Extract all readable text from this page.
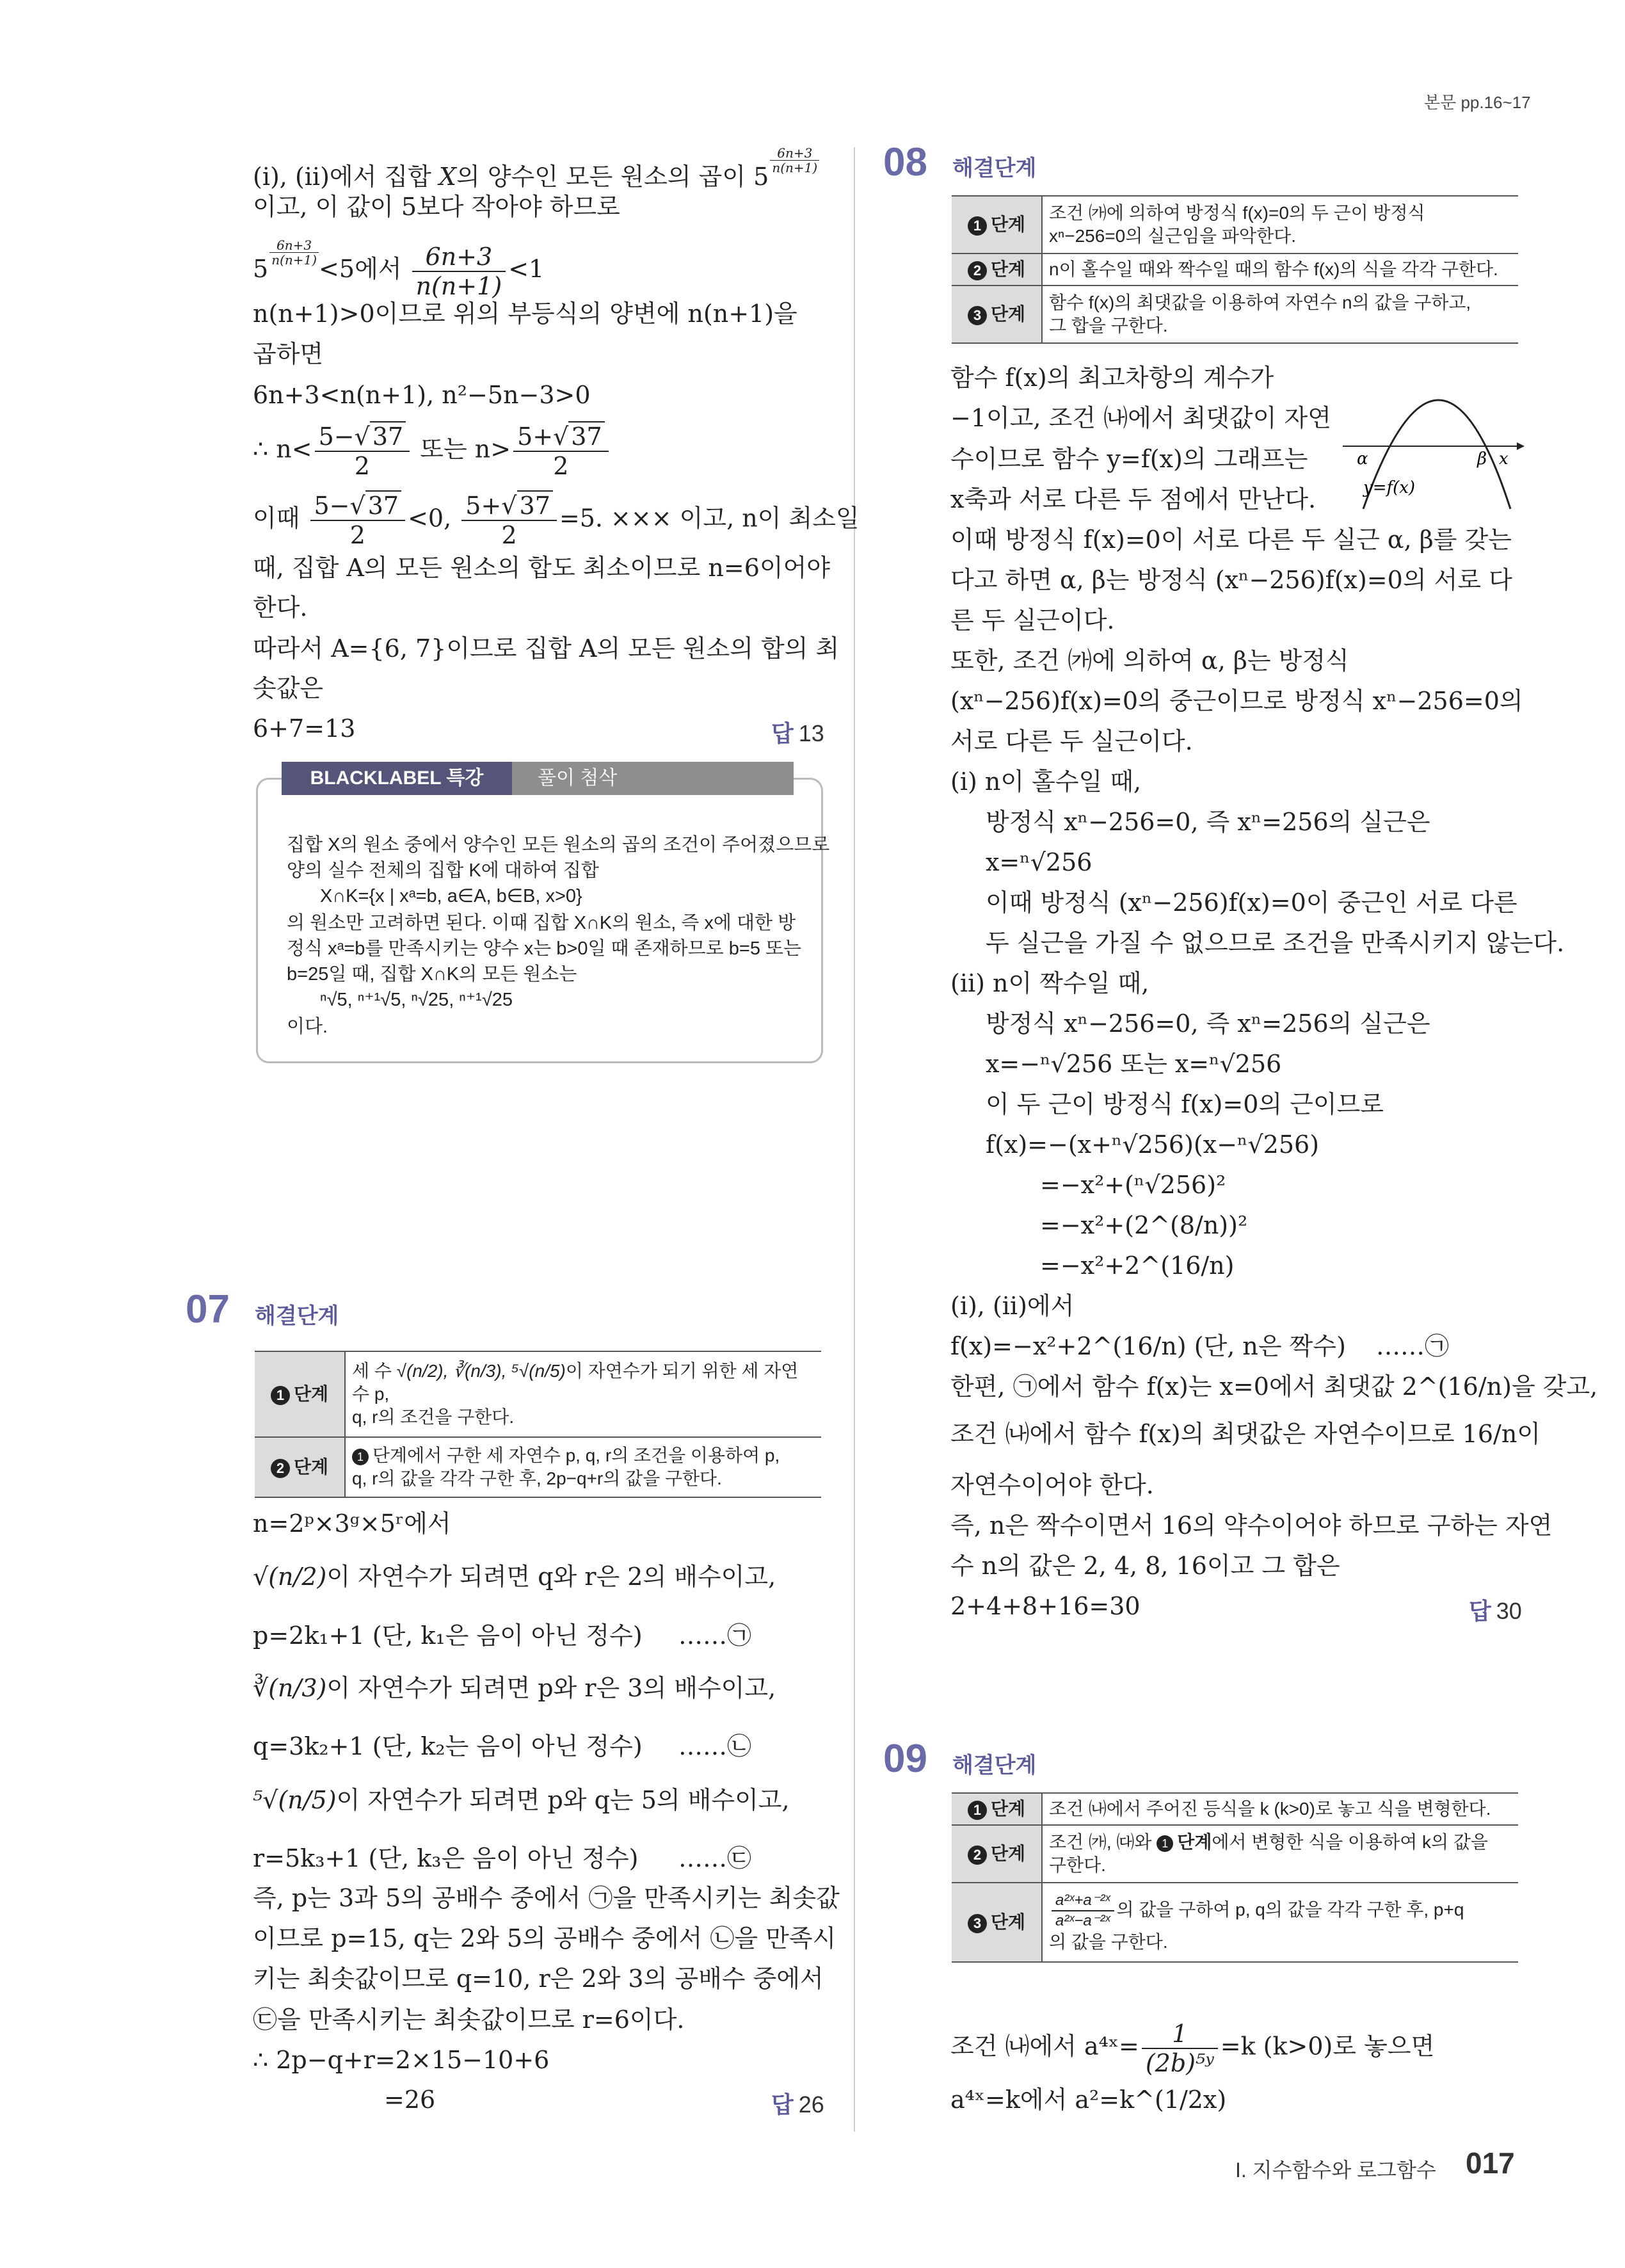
본문 pp.16~17
(ⅰ), (ⅱ)에서 집합 X의 양수인 모든 원소의 곱이 5
$\frac{6n+3}{n(n+1)}$
이고, 이 값이 5보다 작아야 하므로
5
$\frac{6n+3}{n(n+1)}$
<5에서 $\frac{6n+3}{n(n+1)} <1$
n(n+1)>0이므로 위의 부등식의 양변에 n(n+1)을
곱하면
6n+3<n(n+1), n²−5n−3>0
∴ $n< \frac{5-√ 37}{2}$ 또는 $n> \frac{5+√ 37}{2}$
이때 $\frac{5-√ 37}{2} <0$, $\frac{5+√ 37}{2} =5$. ××× 이고, n이 최소일
때, 집합 A의 모든 원소의 합도 최소이므로 n=6이어야
한다.
따라서 A={6, 7}이므로 집합 A의 모든 원소의 합의 최
솟값은
6+7=13	답 13
BLACKLABEL 특강	풀이 첨삭
집합 X의 원소 중에서 양수인 모든 원소의 곱의 조건이 주어졌으므로
양의 실수 전체의 집합 K에 대하여 집합
X∩K={x | xᵃ=b, a∈A, b∈B, x>0}
의 원소만 고려하면 된다. 이때 집합 X∩K의 원소, 즉 x에 대한 방
정식 xᵃ=b를 만족시키는 양수 x는 b>0일 때 존재하므로 b=5 또는
b=25일 때, 집합 X∩K의 모든 원소는
ⁿ√5, ⁿ⁺¹√5, ⁿ√25, ⁿ⁺¹√25
이다.
07 해결단계
1 단계	세 수 √(n/2), ∛(n/3), ⁵√(n/5)이 자연수가 되기 위한 세 자연수 p,
q, r의 조건을 구한다.

2 단계	1 단계에서 구한 세 자연수 p, q, r의 조건을 이용하여 p,
q, r의 값을 각각 구한 후, 2p−q+r의 값을 구한다.
n=2ᵖ×3ᵍ×5ʳ에서
√(n/2)이 자연수가 되려면 q와 r은 2의 배수이고,
p=2k₁+1 (단, k₁은 음이 아닌 정수) ……㉠
∛(n/3)이 자연수가 되려면 p와 r은 3의 배수이고,
q=3k₂+1 (단, k₂는 음이 아닌 정수) ……㉡
⁵√(n/5)이 자연수가 되려면 p와 q는 5의 배수이고,
r=5k₃+1 (단, k₃은 음이 아닌 정수) ……㉢
즉, p는 3과 5의 공배수 중에서 ㉠을 만족시키는 최솟값
이므로 p=15, q는 2와 5의 공배수 중에서 ㉡을 만족시
키는 최솟값이므로 q=10, r은 2와 3의 공배수 중에서
㉢을 만족시키는 최솟값이므로 r=6이다.
∴ 2p−q+r=2×15−10+6
=26	답 26
08 해결단계
1 단계	조건 ㈎에 의하여 방정식 f(x)=0의 두 근이 방정식
xⁿ−256=0의 실근임을 파악한다.

2 단계	n이 홀수일 때와 짝수일 때의 함수 f(x)의 식을 각각 구한다.

3 단계	함수 f(x)의 최댓값을 이용하여 자연수 n의 값을 구하고,
그 합을 구한다.
α	β x
y=f(x)
함수 f(x)의 최고차항의 계수가
−1이고, 조건 ㈏에서 최댓값이 자연
수이므로 함수 y=f(x)의 그래프는
x축과 서로 다른 두 점에서 만난다.
이때 방정식 f(x)=0이 서로 다른 두 실근 α, β를 갖는
다고 하면 α, β는 방정식 (xⁿ−256)f(x)=0의 서로 다
른 두 실근이다.
또한, 조건 ㈎에 의하여 α, β는 방정식
(xⁿ−256)f(x)=0의 중근이므로 방정식 xⁿ−256=0의
서로 다른 두 실근이다.
(ⅰ) n이 홀수일 때,
방정식 xⁿ−256=0, 즉 xⁿ=256의 실근은
x=ⁿ√256
이때 방정식 (xⁿ−256)f(x)=0이 중근인 서로 다른
두 실근을 가질 수 없으므로 조건을 만족시키지 않는다.
(ⅱ) n이 짝수일 때,
방정식 xⁿ−256=0, 즉 xⁿ=256의 실근은
x=−ⁿ√256 또는 x=ⁿ√256
이 두 근이 방정식 f(x)=0의 근이므로
f(x)=−(x+ⁿ√256)(x−ⁿ√256)
=−x²+(ⁿ√256)²
=−x²+(2^(8/n))²
=−x²+2^(16/n)
(ⅰ), (ⅱ)에서
f(x)=−x²+2^(16/n) (단, n은 짝수) ……㉠
한편, ㉠에서 함수 f(x)는 x=0에서 최댓값 2^(16/n)을 갖고,
조건 ㈏에서 함수 f(x)의 최댓값은 자연수이므로 16/n이
자연수이어야 한다.
즉, n은 짝수이면서 16의 약수이어야 하므로 구하는 자연
수 n의 값은 2, 4, 8, 16이고 그 합은
2+4+8+16=30	답 30
09 해결단계
1 단계	조건 ㈏에서 주어진 등식을 k (k>0)로 놓고 식을 변형한다.

2 단계	조건 ㈎, ㈐와 1 단계에서 변형한 식을 이용하여 k의 값을
구한다.

3 단계	$\frac{\text{a²ˣ+a⁻²ˣ}}{\text{a²ˣ−a⁻²ˣ}}$ 의 값을 구하여 p, q의 값을 각각 구한 후, p+q
의 값을 구한다.
조건 ㈏에서 a⁴ˣ= $\frac{1}{\text{(2b)⁵ʸ}} =k$ (k>0)로 놓으면
a⁴ˣ=k에서 a²=k^(1/2x)
I. 지수함수와 로그함수 017
